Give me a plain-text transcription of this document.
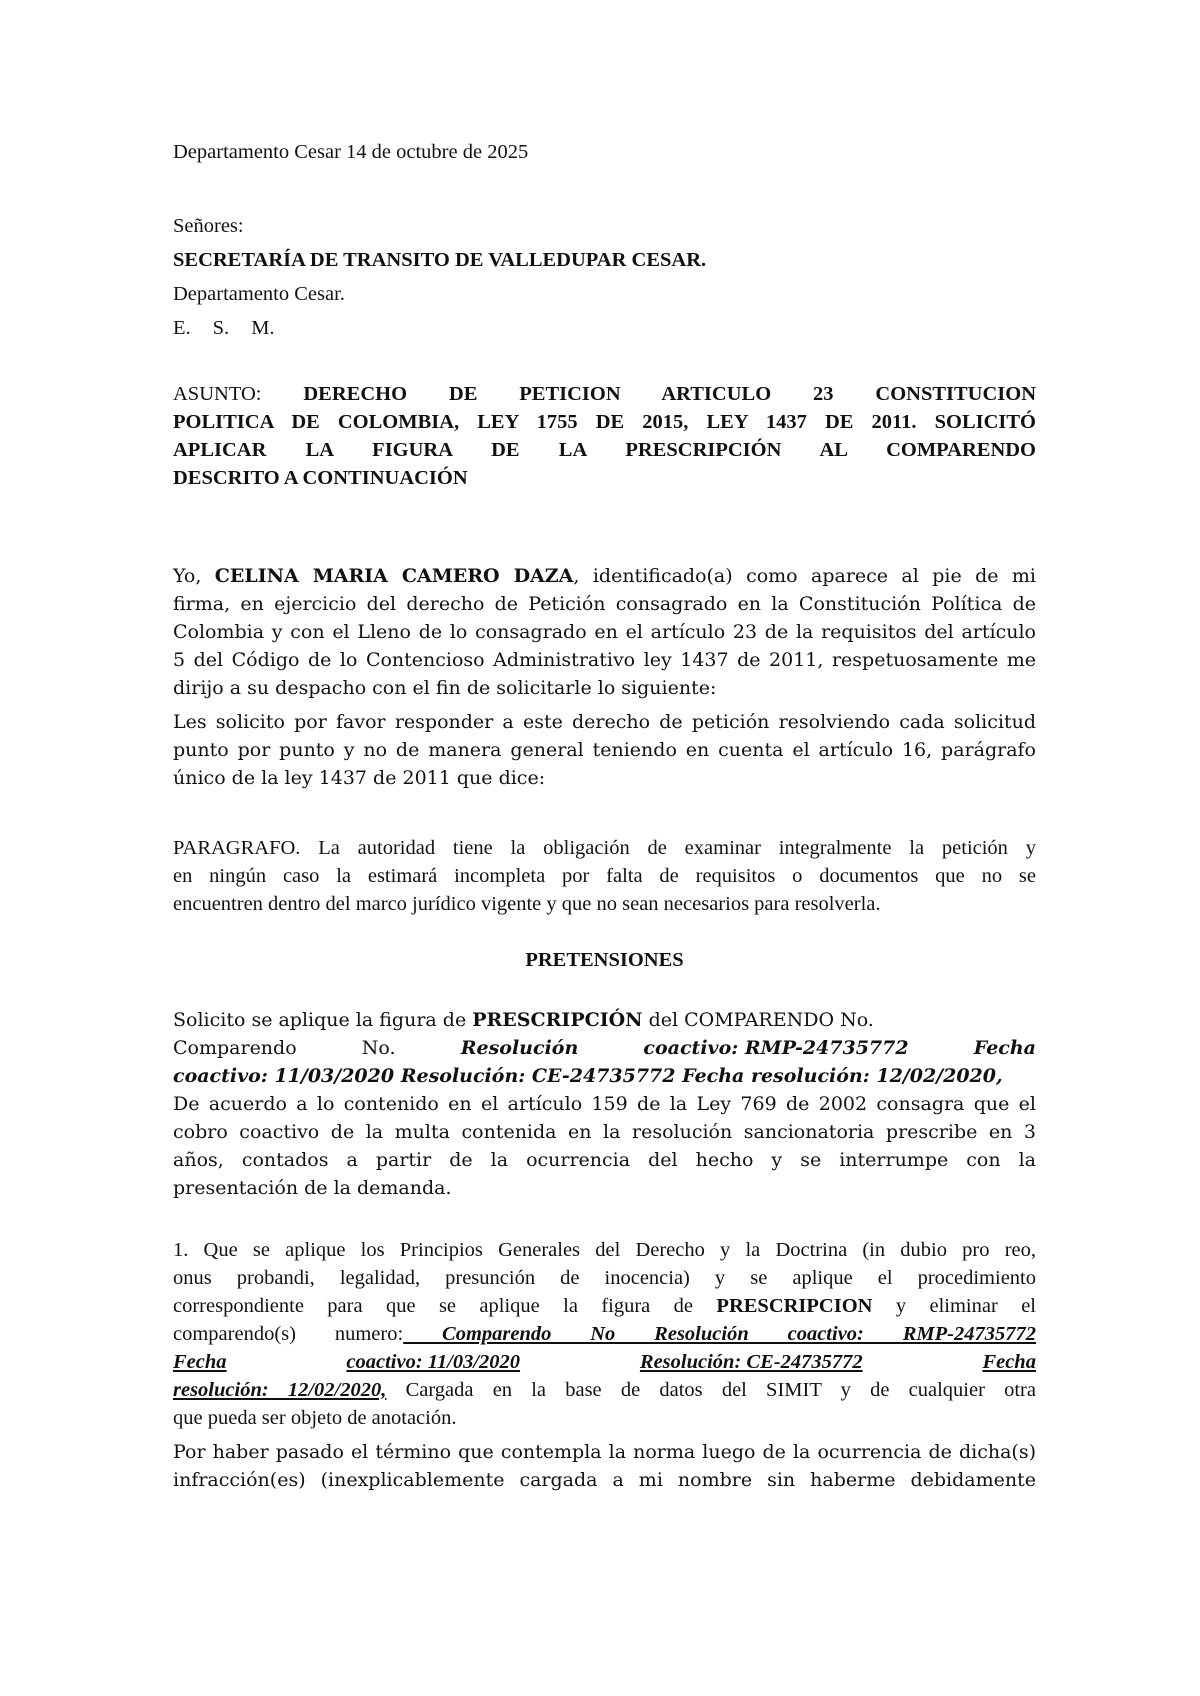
Departamento Cesar 14 de octubre de 2025

Señores:

SECRETARÍA DE TRANSITO DE VALLEDUPAR CESAR.

Departamento Cesar.

E. S. M.

ASUNTO: DERECHO DE PETICION ARTICULO 23 CONSTITUCION

POLITICA DE COLOMBIA, LEY 1755 DE 2015, LEY 1437 DE 2011. SOLICITÓ

APLICAR LA FIGURA DE LA PRESCRIPCIÓN AL COMPARENDO

DESCRITO A CONTINUACIÓN

Yo, CELINA MARIA CAMERO DAZA, identificado(a) como aparece al pie de mi

firma, en ejercicio del derecho de Petición consagrado en la Constitución Política de

Colombia y con el Lleno de lo consagrado en el artículo 23 de la requisitos del artículo

5 del Código de lo Contencioso Administrativo ley 1437 de 2011, respetuosamente me

dirijo a su despacho con el fin de solicitarle lo siguiente:

Les solicito por favor responder a este derecho de petición resolviendo cada solicitud

punto por punto y no de manera general teniendo en cuenta el artículo 16, parágrafo

único de la ley 1437 de 2011 que dice:

PARAGRAFO. La autoridad tiene la obligación de examinar integralmente la petición y

en ningún caso la estimará incompleta por falta de requisitos o documentos que no se

encuentren dentro del marco jurídico vigente y que no sean necesarios para resolverla.

PRETENSIONES

Solicito se aplique la figura de PRESCRIPCIÓN del COMPARENDO No.

Comparendo	No.	Resolución	coactivo: RMP-24735772	Fecha

coactivo: 11/03/2020 Resolución: CE-24735772 Fecha resolución: 12/02/2020,

De acuerdo a lo contenido en el artículo 159 de la Ley 769 de 2002 consagra que el

cobro coactivo de la multa contenida en la resolución sancionatoria prescribe en 3

años, contados a partir de la ocurrencia del hecho y se interrumpe con la

presentación de la demanda.

1. Que se aplique los Principios Generales del Derecho y la Doctrina (in dubio pro reo,

onus probandi, legalidad, presunción de inocencia) y se aplique el procedimiento

correspondiente para que se aplique la figura de PRESCRIPCION y eliminar el

comparendo(s) numero: Comparendo No Resolución coactivo: RMP-24735772

Fecha	coactivo: 11/03/2020	Resolución: CE-24735772	Fecha

resolución: 12/02/2020, Cargada en la base de datos del SIMIT y de cualquier otra

que pueda ser objeto de anotación.

Por haber pasado el término que contempla la norma luego de la ocurrencia de dicha(s)

infracción(es) (inexplicablemente cargada a mi nombre sin haberme debidamente
